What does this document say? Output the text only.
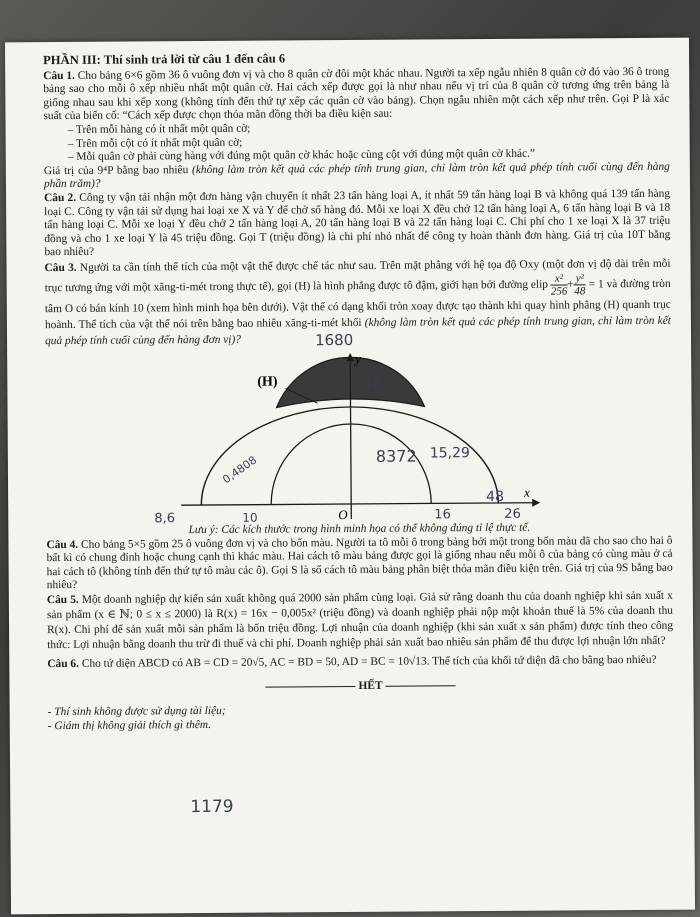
PHẦN III: Thí sinh trả lời từ câu 1 đến câu 6

Câu 1. Cho bảng 6×6 gồm 36 ô vuông đơn vị và cho 8 quân cờ đôi một khác nhau. Người ta xếp ngẫu nhiên 8 quân cờ đó vào 36 ô trong bảng sao cho mỗi ô xếp nhiều nhất một quân cờ. Hai cách xếp được gọi là như nhau nếu vị trí của 8 quân cờ tương ứng trên bảng là giống nhau sau khi xếp xong (không tính đến thứ tự xếp các quân cờ vào bảng). Chọn ngẫu nhiên một cách xếp như trên. Gọi P là xác suất của biến cố: “Cách xếp được chọn thỏa mãn đồng thời ba điều kiện sau:

– Trên mỗi hàng có ít nhất một quân cờ;

– Trên mỗi cột có ít nhất một quân cờ;

– Mỗi quân cờ phải cùng hàng với đúng một quân cờ khác hoặc cùng cột với đúng một quân cờ khác.”

Giá trị của 9⁴P bằng bao nhiêu (không làm tròn kết quả các phép tính trung gian, chỉ làm tròn kết quả phép tính cuối cùng đến hàng phần trăm)?

Câu 2. Công ty vận tải nhận một đơn hàng vận chuyển ít nhất 23 tấn hàng loại A, ít nhất 59 tấn hàng loại B và không quá 139 tấn hàng loại C. Công ty vận tải sử dụng hai loại xe X và Y để chở số hàng đó. Mỗi xe loại X đều chở 12 tấn hàng loại A, 6 tấn hàng loại B và 18 tấn hàng loại C. Mỗi xe loại Y đều chở 2 tấn hàng loại A, 20 tấn hàng loại B và 22 tấn hàng loại C. Chi phí cho 1 xe loại X là 37 triệu đồng và cho 1 xe loại Y là 45 triệu đồng. Gọi T (triệu đồng) là chi phí nhỏ nhất để công ty hoàn thành đơn hàng. Giá trị của 10T bằng bao nhiêu?

Câu 3. Người ta cần tính thể tích của một vật thể được chế tác như sau. Trên mặt phẳng với hệ tọa độ Oxy (một đơn vị độ dài trên mỗi trục tương ứng với một xăng-ti-mét trong thực tế), gọi (H) là hình phẳng được tô đậm, giới hạn bởi đường elip $\frac{\text{x²}}{256} + \frac{\text{y²}}{48} = 1$ và đường tròn tâm O có bán kính 10 (xem hình minh họa bên dưới). Vật thể có dạng khối tròn xoay được tạo thành khi quay hình phẳng (H) quanh trục hoành. Thể tích của vật thể nói trên bằng bao nhiêu xăng-ti-mét khối (không làm tròn kết quả các phép tính trung gian, chỉ làm tròn kết quả phép tính cuối cùng đến hàng đơn vị)?

y
x
O
(H)	10
0,4808
8,6	10	16	26

Lưu ý: Các kích thước trong hình minh họa có thể không đúng tỉ lệ thực tế.

Câu 4. Cho bảng 5×5 gồm 25 ô vuông đơn vị và cho bốn màu. Người ta tô mỗi ô trong bảng bởi một trong bốn màu đã cho sao cho hai ô bất kì có chung đỉnh hoặc chung cạnh thì khác màu. Hai cách tô màu bảng được gọi là giống nhau nếu mỗi ô của bảng có cùng màu ở cả hai cách tô (không tính đến thứ tự tô màu các ô). Gọi S là số cách tô màu bảng phân biệt thỏa mãn điều kiện trên. Giá trị của 9S bằng bao nhiêu?

Câu 5. Một doanh nghiệp dự kiến sản xuất không quá 2000 sản phẩm cùng loại. Giả sử rằng doanh thu của doanh nghiệp khi sản xuất x sản phẩm (x ∈ ℕ; 0 ≤ x ≤ 2000) là R(x) = 16x − 0,005x² (triệu đồng) và doanh nghiệp phải nộp một khoản thuế là 5% của doanh thu R(x). Chi phí để sản xuất mỗi sản phẩm là bốn triệu đồng. Lợi nhuận của doanh nghiệp (khi sản xuất x sản phẩm) được tính theo công thức: Lợi nhuận bằng doanh thu trừ đi thuế và chi phí. Doanh nghiệp phải sản xuất bao nhiêu sản phẩm để thu được lợi nhuận lớn nhất?

Câu 6. Cho tứ diện ABCD có AB = CD = 20√5, AC = BD = 50, AD = BC = 10√13. Thể tích của khối tứ diện đã cho bằng bao nhiêu?

HẾT
- Thí sinh không được sử dụng tài liệu;
- Giám thị không giải thích gì thêm.
1680
8372 15,29
48
1179
